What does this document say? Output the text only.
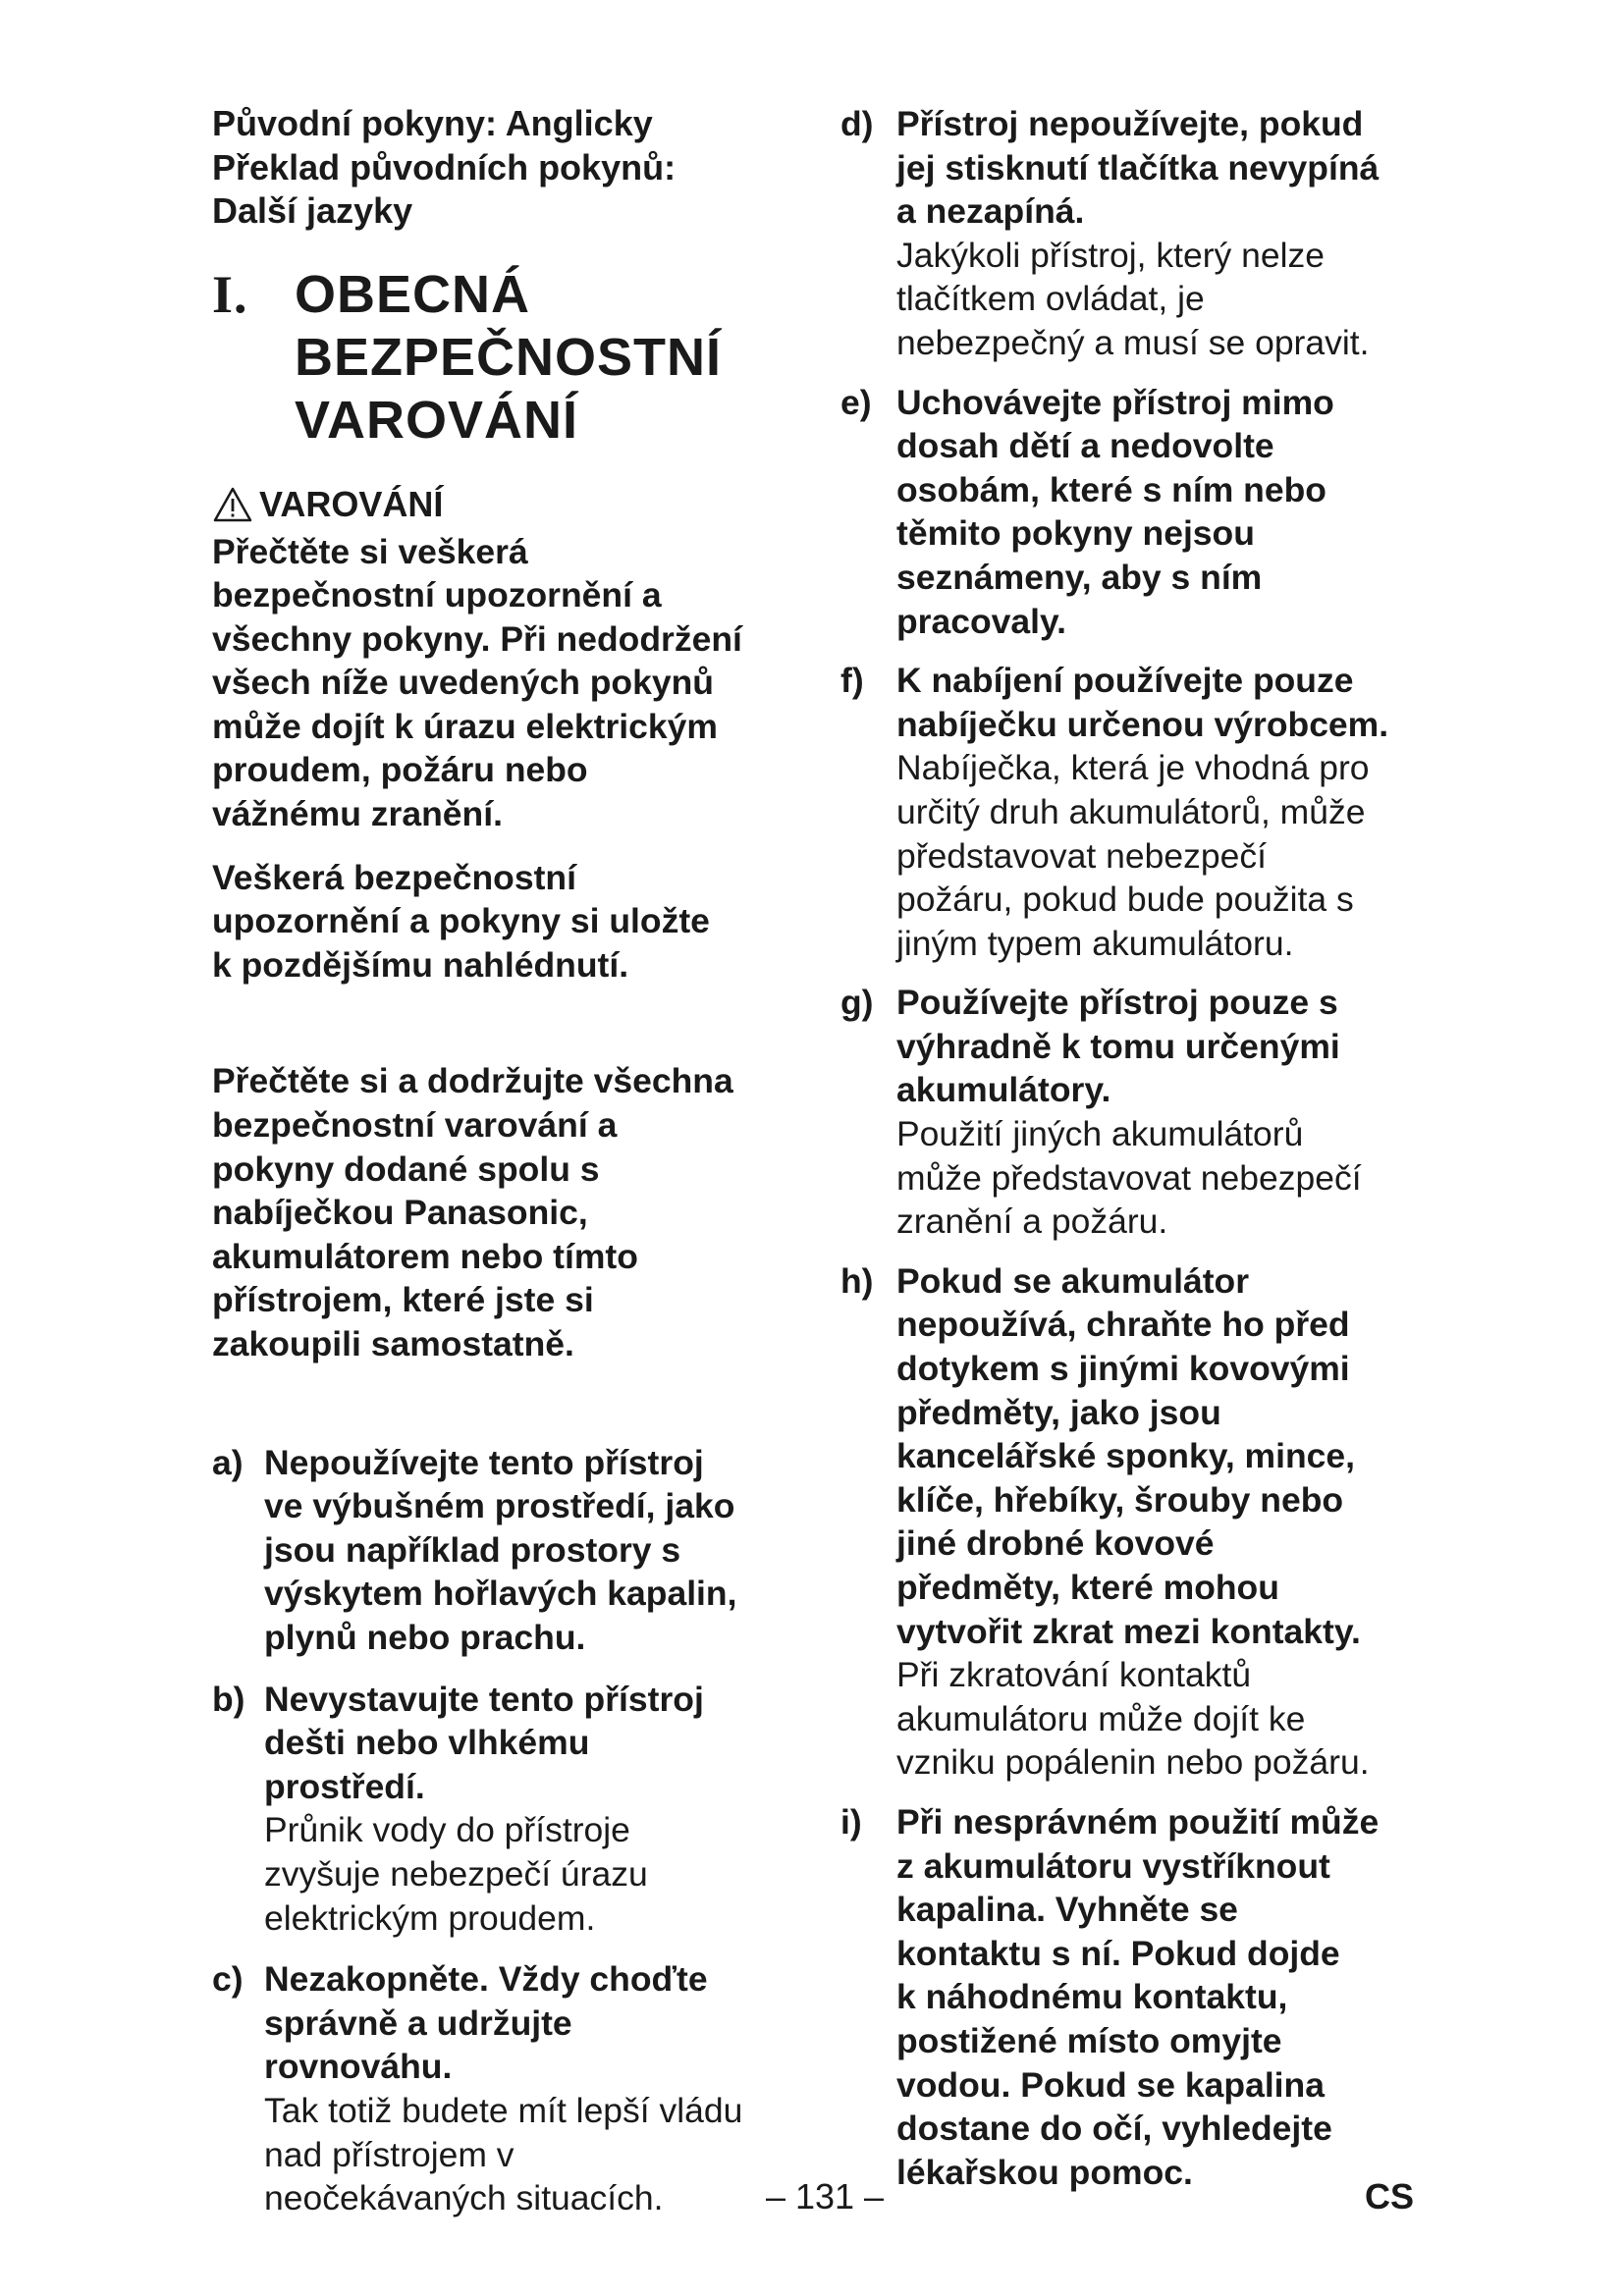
Původní pokyny: Anglicky
Překlad původních pokynů:
Další jazyky
I. OBECNÁ
BEZPEČNOSTNÍ
VAROVÁNÍ
VAROVÁNÍ
Přečtěte si veškerá
bezpečnostní upozornění a
všechny pokyny. Při nedodržení
všech níže uvedených pokynů
může dojít k úrazu elektrickým
proudem, požáru nebo
vážnému zranění.
Veškerá bezpečnostní
upozornění a pokyny si uložte
k pozdějšímu nahlédnutí.
Přečtěte si a dodržujte všechna
bezpečnostní varování a
pokyny dodané spolu s
nabíječkou Panasonic,
akumulátorem nebo tímto
přístrojem, které jste si
zakoupili samostatně.
a) Nepoužívejte tento přístroj
ve výbušném prostředí, jako
jsou například prostory s
výskytem hořlavých kapalin,
plynů nebo prachu.
b) Nevystavujte tento přístroj
dešti nebo vlhkému
prostředí.
Průnik vody do přístroje
zvyšuje nebezpečí úrazu
elektrickým proudem.
c) Nezakopněte. Vždy choďte
správně a udržujte
rovnováhu.
Tak totiž budete mít lepší vládu
nad přístrojem v
neočekávaných situacích.
d) Přístroj nepoužívejte, pokud
jej stisknutí tlačítka nevypíná
a nezapíná.
Jakýkoli přístroj, který nelze
tlačítkem ovládat, je
nebezpečný a musí se opravit.
e) Uchovávejte přístroj mimo
dosah dětí a nedovolte
osobám, které s ním nebo
těmito pokyny nejsou
seznámeny, aby s ním
pracovaly.
f) K nabíjení používejte pouze
nabíječku určenou výrobcem.
Nabíječka, která je vhodná pro
určitý druh akumulátorů, může
představovat nebezpečí
požáru, pokud bude použita s
jiným typem akumulátoru.
g) Používejte přístroj pouze s
výhradně k tomu určenými
akumulátory.
Použití jiných akumulátorů
může představovat nebezpečí
zranění a požáru.
h) Pokud se akumulátor
nepoužívá, chraňte ho před
dotykem s jinými kovovými
předměty, jako jsou
kancelářské sponky, mince,
klíče, hřebíky, šrouby nebo
jiné drobné kovové
předměty, které mohou
vytvořit zkrat mezi kontakty.
Při zkratování kontaktů
akumulátoru může dojít ke
vzniku popálenin nebo požáru.
i) Při nesprávném použití může
z akumulátoru vystříknout
kapalina. Vyhněte se
kontaktu s ní. Pokud dojde
k náhodnému kontaktu,
postižené místo omyjte
vodou. Pokud se kapalina
dostane do očí, vyhledejte
lékařskou pomoc.
– 131 –	CS
